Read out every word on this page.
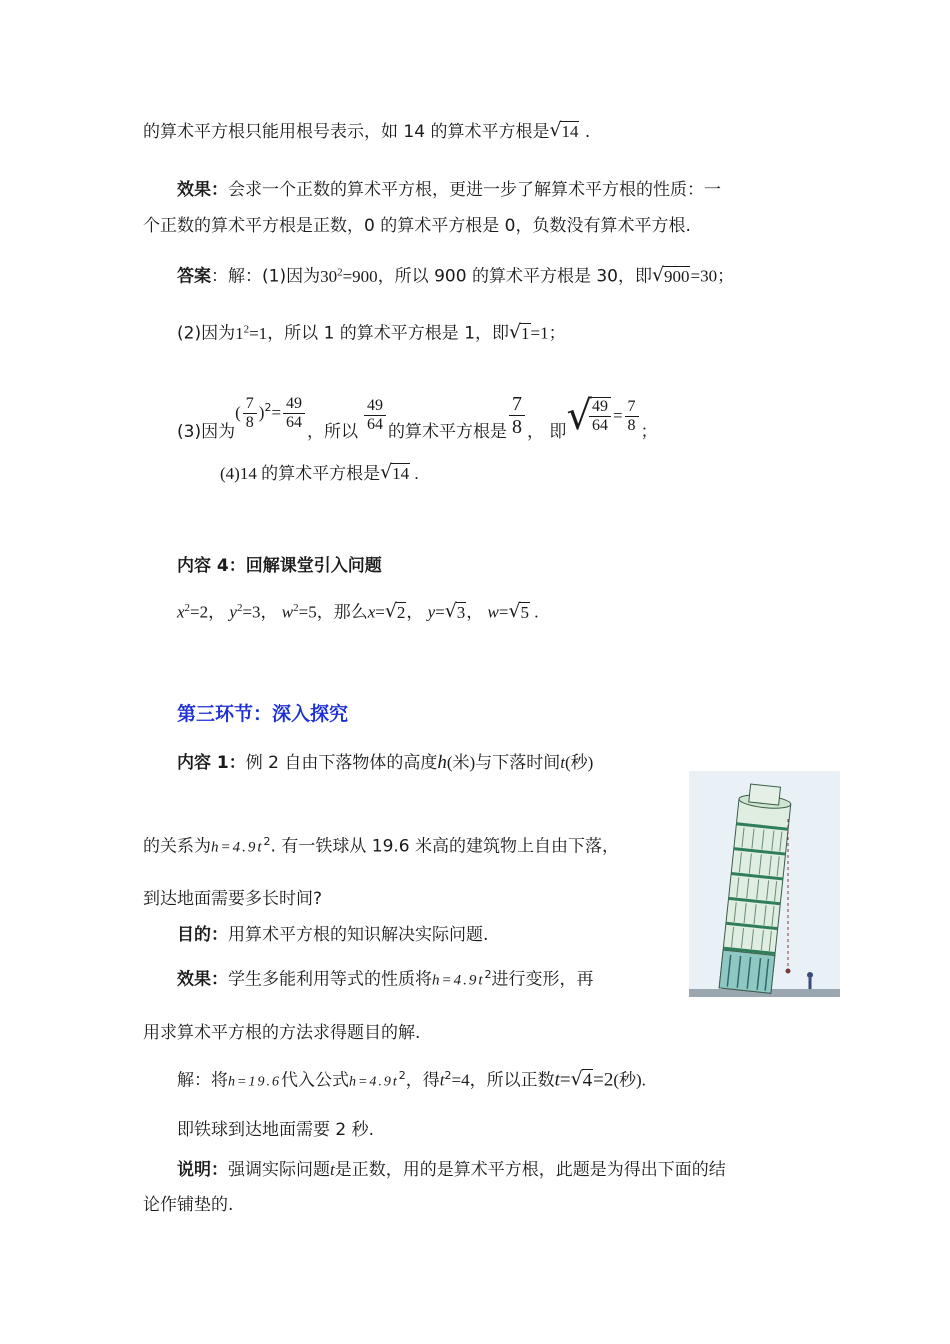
的算术平方根只能用根号表示，如 14 的算术平方根是 √ 14 .
效果：会求一个正数的算术平方根，更进一步了解算术平方根的性质：一
个正数的算术平方根是正数，0 的算术平方根是 0，负数没有算术平方根.
答案：解：(1)因为$30^2=900$，所以 900 的算术平方根是 30，即 √ 900=30；
(2)因为$1^2=1$，所以 1 的算术平方根是 1，即 √ 1=1；
(3)因为
( $\frac{7}{8} )^2 = \frac{49}{64}$
，所以 $\frac{49}{64}$ 的算术平方根是 $\frac{7}{8}$ ， 即 √
$\frac{49}{64} = \frac{7}{8}$ ；
(4)14 的算术平方根是 √ 14 .
内容 4：回解课堂引入问题
$x^2=2$， $y^2=3$， $w^2=5$，那么x= √ 2， y= √ 3， w= √ 5 .
第三环节：深入探究
内容 1：例 2 自由下落物体的高度h(米)与下落时间t(秒)
的关系为$h=4.9t^2$. 有一铁球从 19.6 米高的建筑物上自由下落，
到达地面需要多长时间?
目的：用算术平方根的知识解决实际问题.
效果：学生多能利用等式的性质将$h=4.9t^2$进行变形，再
用求算术平方根的方法求得题目的解.
解：将h=19.6代入公式$h=4.9t^2$，得$t^2=4$，所以正数t= √ 4=2(秒).
即铁球到达地面需要 2 秒.
说明：强调实际问题t是正数，用的是算术平方根，此题是为得出下面的结
论作铺垫的.
